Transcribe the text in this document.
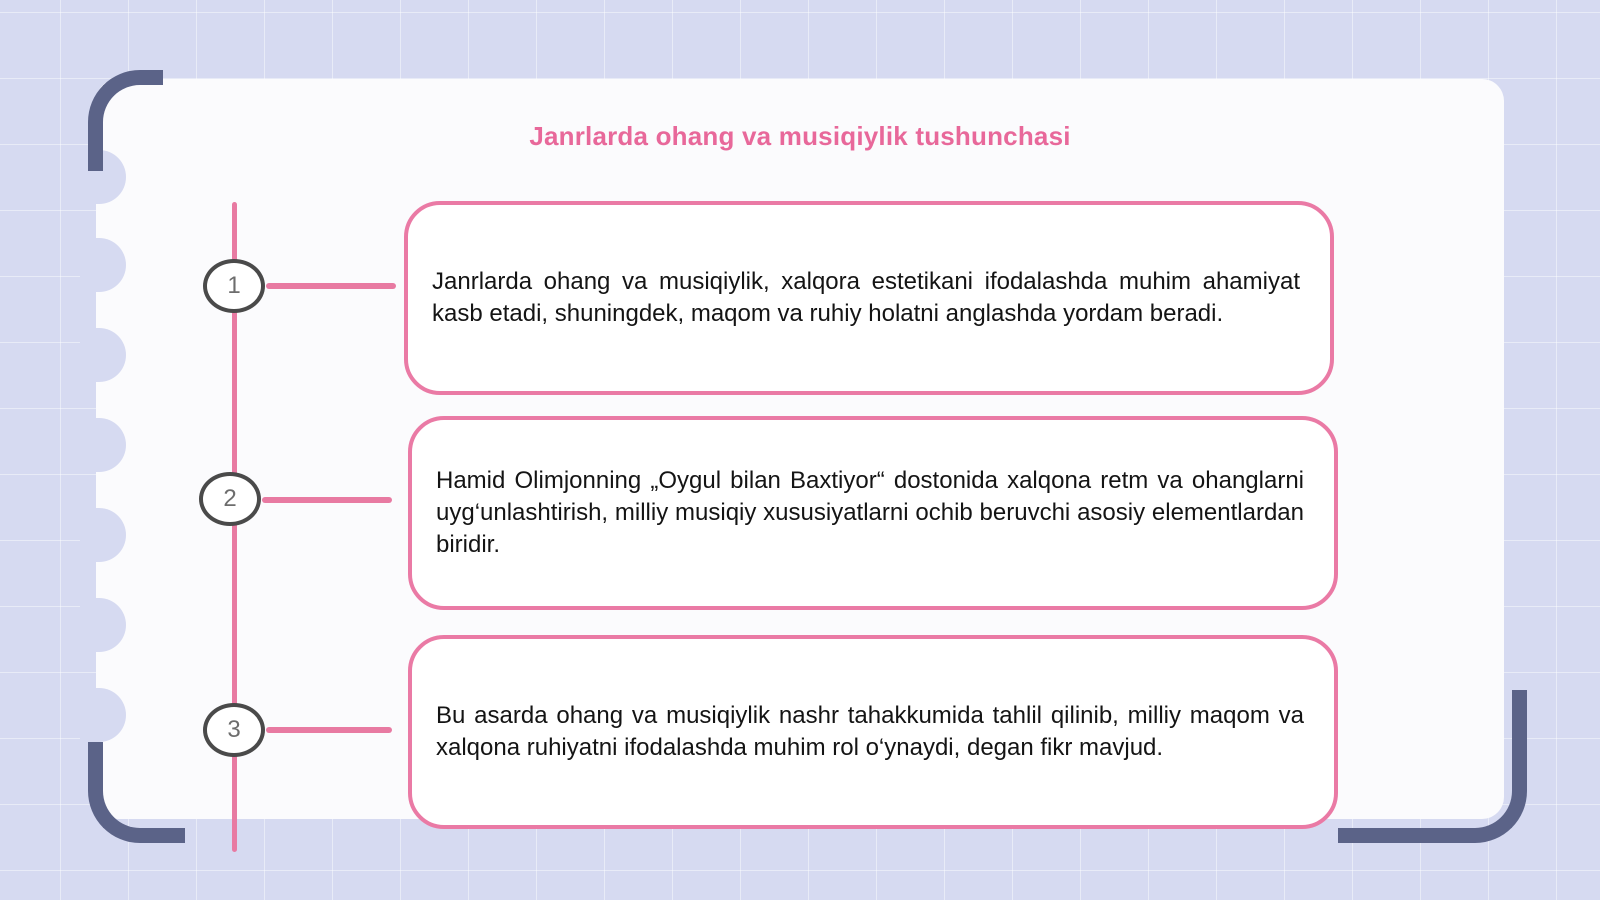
Janrlarda ohang va musiqiylik tushunchasi
1
2
3

Janrlarda ohang va musiqiylik, xalqora estetikani ifodalashda muhim ahamiyat kasb etadi, shuningdek, maqom va ruhiy holatni anglashda yordam beradi.

Hamid Olimjonning „Oygul bilan Baxtiyor“ dostonida xalqona retm va ohanglarni uyg‘unlashtirish, milliy musiqiy xususiyatlarni ochib beruvchi asosiy elementlardan biridir.

Bu asarda ohang va musiqiylik nashr tahakkumida tahlil qilinib, milliy maqom va xalqona ruhiyatni ifodalashda muhim rol o‘ynaydi, degan fikr mavjud.
